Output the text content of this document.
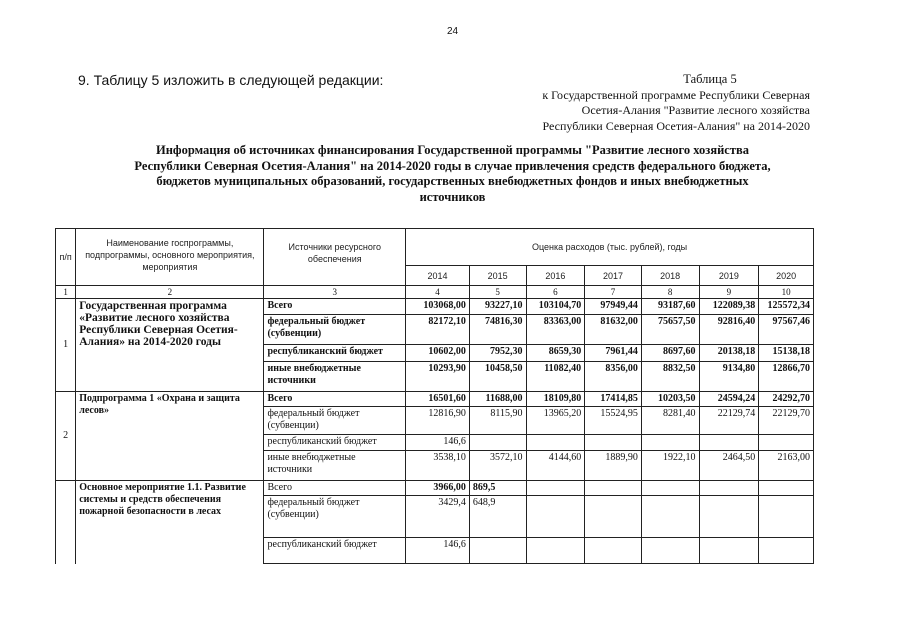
24
9. Таблицу 5 изложить в следующей редакции:	Таблица 5
к Государственной программе Республики Северная
Осетия-Алания "Развитие лесного хозяйства
Республики Северная Осетия-Алания" на 2014-2020
Информация об источниках финансирования Государственной программы "Развитие лесного хозяйства
Республики Северная Осетия-Алания" на 2014-2020 годы в случае привлечения средств федерального бюджета,
бюджетов муниципальных образований, государственных внебюджетных фондов и иных внебюджетных
источников
п/п	Наименование госпрограммы, подпрограммы, основного мероприятия, мероприятия	Источники ресурсного обеспечения	Оценка расходов (тыс. рублей), годы						
			2014	2015	2016	2017	2018	2019	2020
1	2	3	4	5	6	7	8	9	10
1	Государственная программа «Развитие лесного хозяйства Республики Северная Осетия-Алания» на 2014-2020 годы	Всего	103068,00	93227,10	103104,70	97949,44	93187,60	122089,38	125572,34
		федеральный бюджет (субвенции)	82172,10	74816,30	83363,00	81632,00	75657,50	92816,40	97567,46
		республиканский бюджет	10602,00	7952,30	8659,30	7961,44	8697,60	20138,18	15138,18
		иные внебюджетные источники	10293,90	10458,50	11082,40	8356,00	8832,50	9134,80	12866,70
2	Подпрограмма 1 «Охрана и защита лесов»	Всего	16501,60	11688,00	18109,80	17414,85	10203,50	24594,24	24292,70
		федеральный бюджет (субвенции)	12816,90	8115,90	13965,20	15524,95	8281,40	22129,74	22129,70
		республиканский бюджет	146,6						
		иные внебюджетные источники	3538,10	3572,10	4144,60	1889,90	1922,10	2464,50	2163,00
	Основное мероприятие 1.1. Развитие системы и средств обеспечения пожарной безопасности в лесах	Всего	3966,00	869,5					
		федеральный бюджет (субвенции)	3429,4	648,9					
		республиканский бюджет	146,6						
